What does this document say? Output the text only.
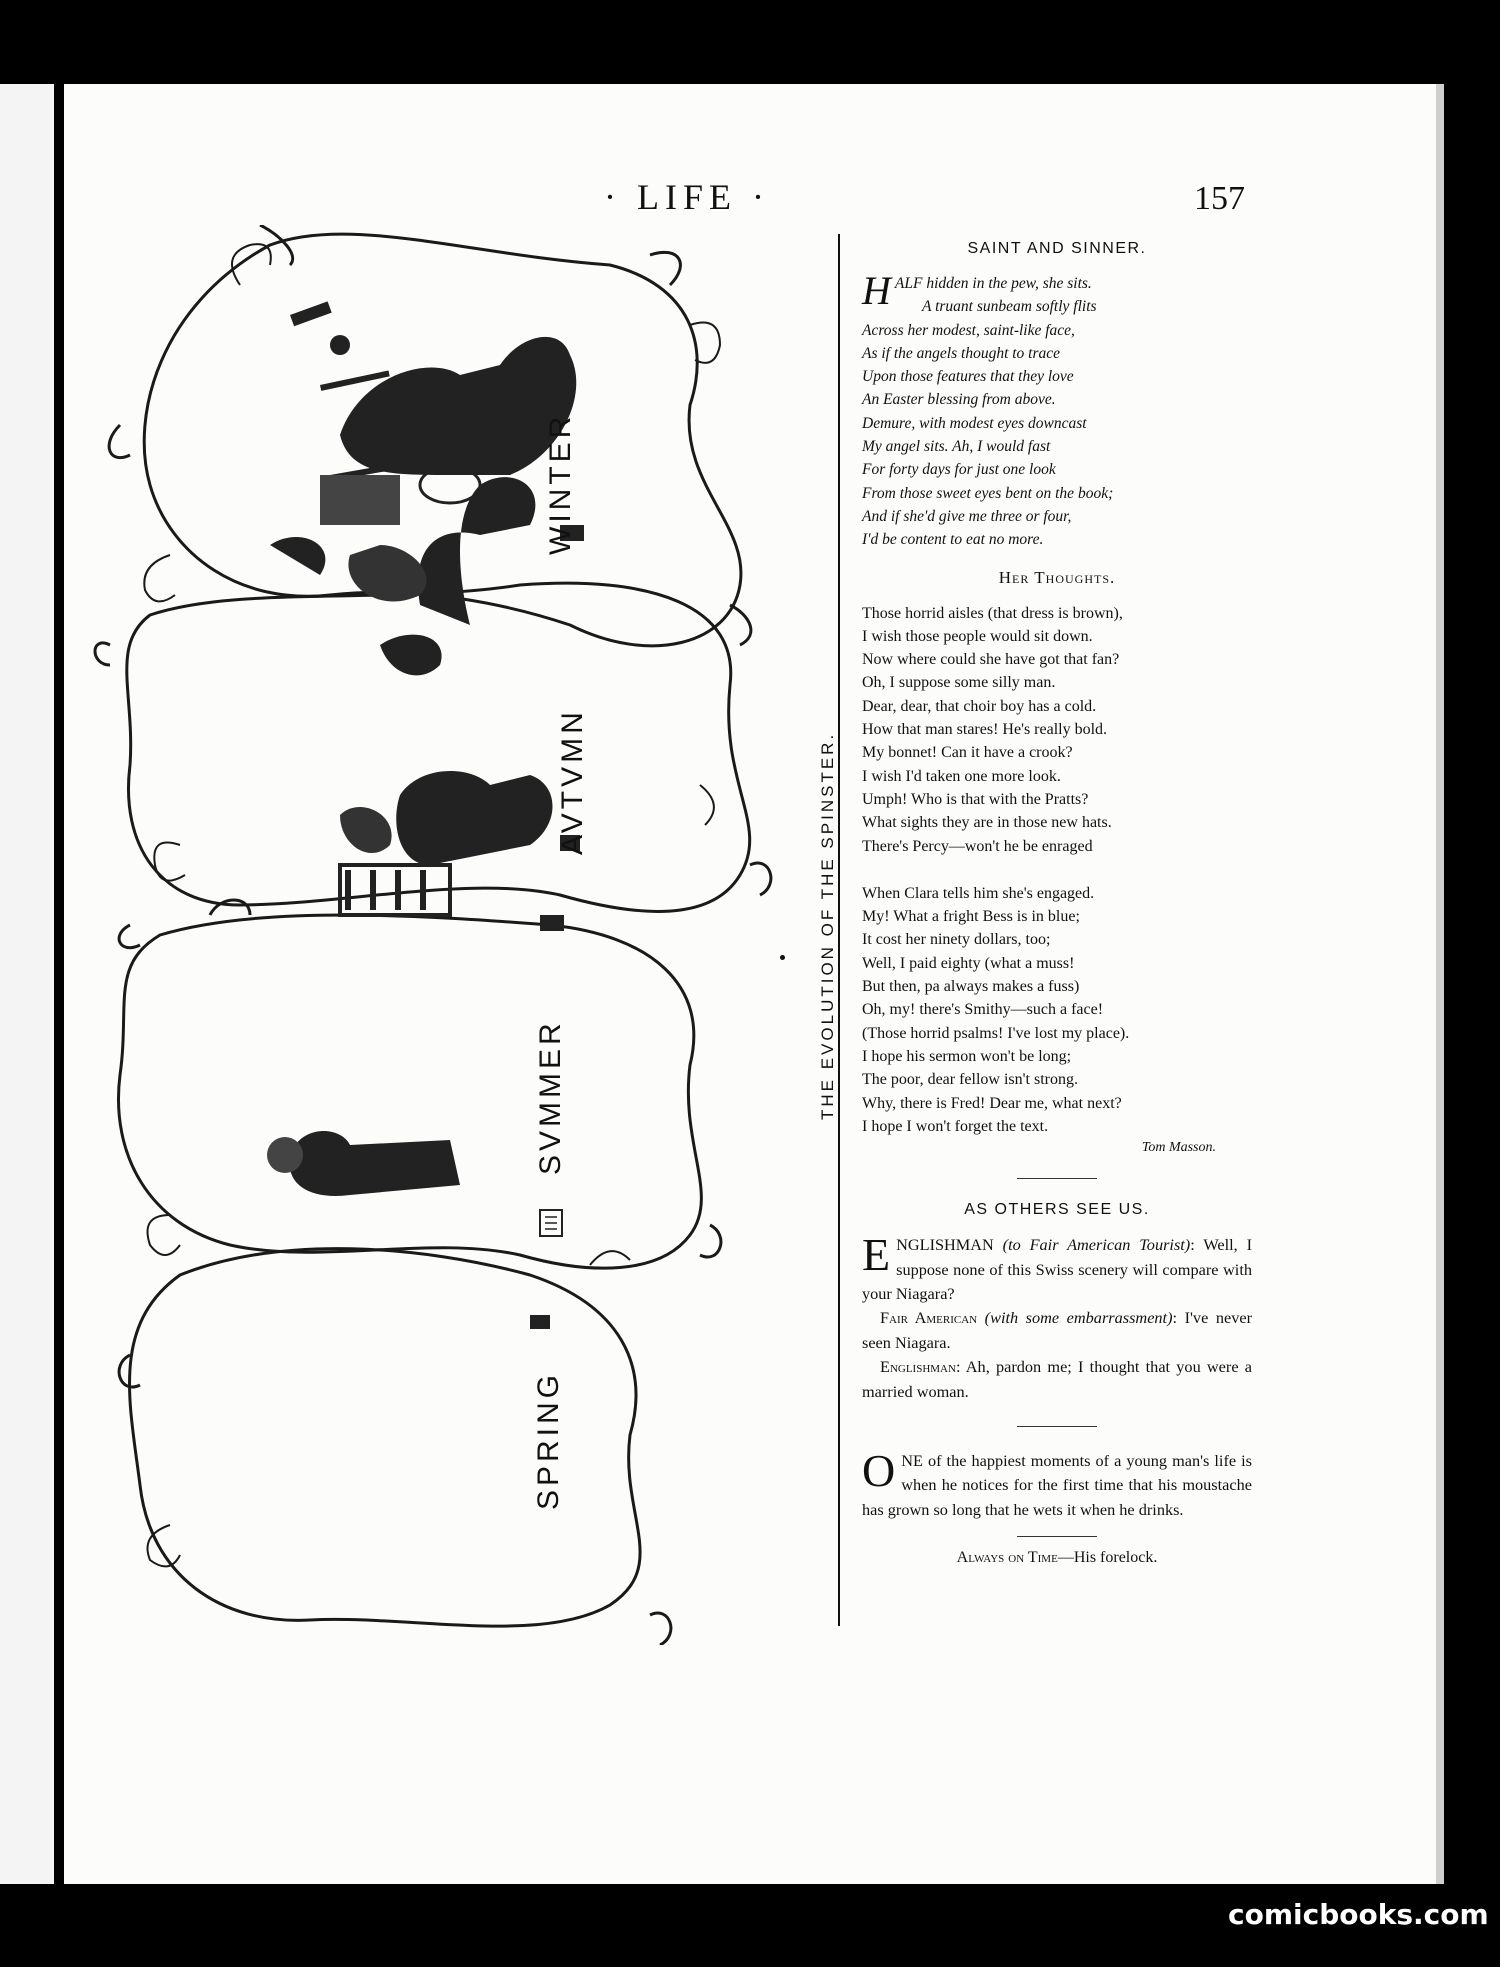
· LIFE ·	157
WINTER
AVTVMN
SVMMER
SPRING
THE EVOLUTION OF THE SPINSTER.
SAINT AND SINNER.
H ALF hidden in the pew, she sits.
A truant sunbeam softly flits
Across her modest, saint-like face,
As if the angels thought to trace
Upon those features that they love
An Easter blessing from above.
Demure, with modest eyes downcast
My angel sits. Ah, I would fast
For forty days for just one look
From those sweet eyes bent on the book;
And if she'd give me three or four,
I'd be content to eat no more.
Her Thoughts.
Those horrid aisles (that dress is brown),
I wish those people would sit down.
Now where could she have got that fan?
Oh, I suppose some silly man.
Dear, dear, that choir boy has a cold.
How that man stares! He's really bold.
My bonnet! Can it have a crook?
I wish I'd taken one more look.
Umph! Who is that with the Pratts?
What sights they are in those new hats.
There's Percy—won't he be enraged
When Clara tells him she's engaged.
My! What a fright Bess is in blue;
It cost her ninety dollars, too;
Well, I paid eighty (what a muss!
But then, pa always makes a fuss)
Oh, my! there's Smithy—such a face!
(Those horrid psalms! I've lost my place).
I hope his sermon won't be long;
The poor, dear fellow isn't strong.
Why, there is Fred! Dear me, what next?
I hope I won't forget the text.
Tom Masson.
AS OTHERS SEE US.

ENGLISHMAN (to Fair American Tourist): Well, I suppose none of this Swiss scenery will compare with your Niagara?

Fair American (with some embarrassment): I've never seen Niagara.

Englishman: Ah, pardon me; I thought that you were a married woman.

ONE of the happiest moments of a young man's life is when he notices for the first time that his moustache has grown so long that he wets it when he drinks.

Always on Time—His forelock.
comicbooks.com
